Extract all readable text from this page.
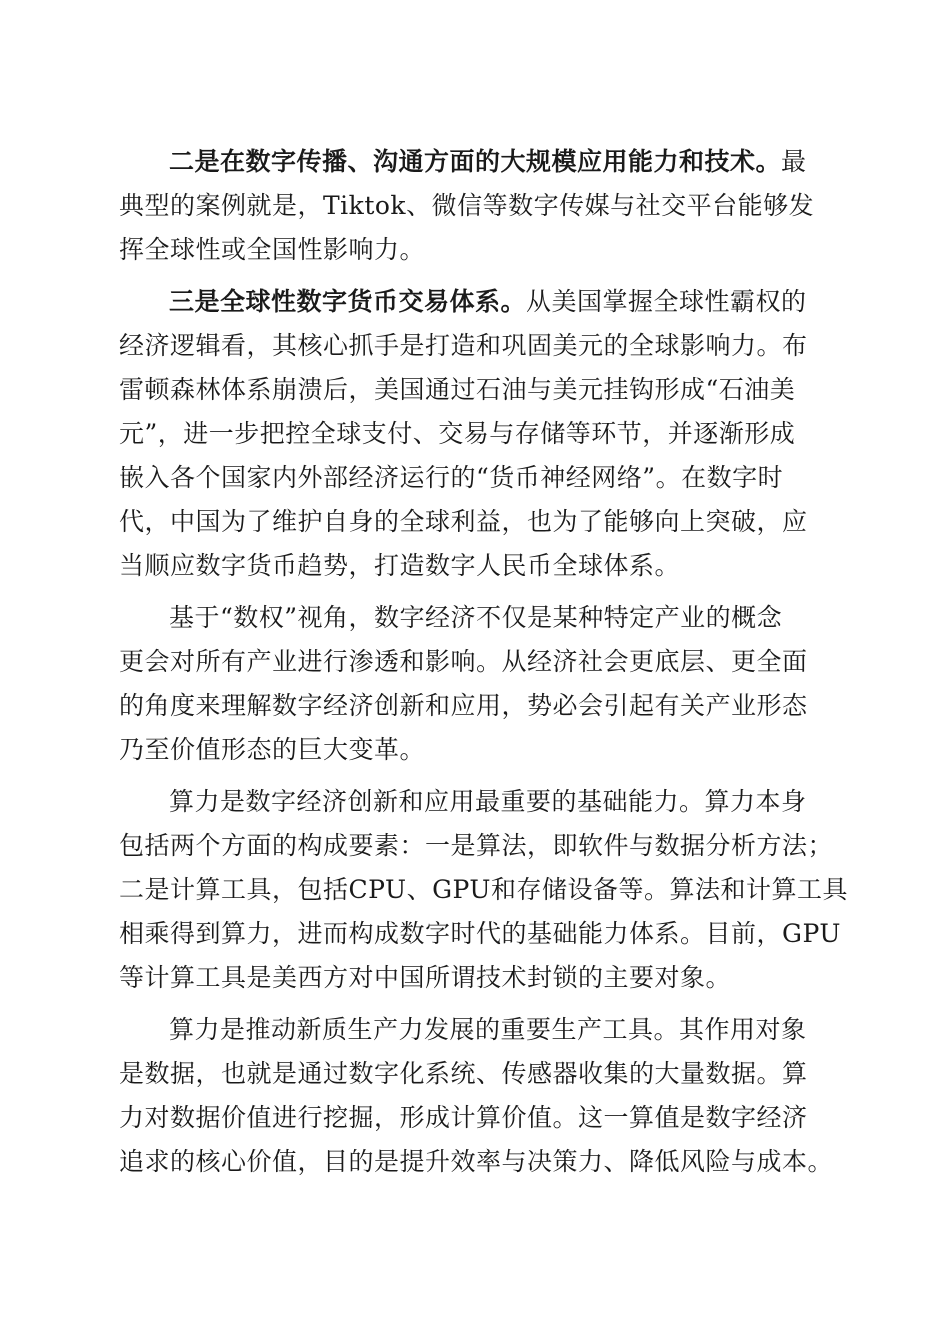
二是在数字传播、沟通方面的大规模应用能力和技术。最
典型的案例就是，Tiktok、微信等数字传媒与社交平台能够发
挥全球性或全国性影响力。
三是全球性数字货币交易体系。从美国掌握全球性霸权的
经济逻辑看，其核心抓手是打造和巩固美元的全球影响力。布
雷顿森林体系崩溃后，美国通过石油与美元挂钩形成“石油美
元”，进一步把控全球支付、交易与存储等环节，并逐渐形成
嵌入各个国家内外部经济运行的“货币神经网络”。在数字时
代，中国为了维护自身的全球利益，也为了能够向上突破，应
当顺应数字货币趋势，打造数字人民币全球体系。
基于“数权”视角，数字经济不仅是某种特定产业的概念
更会对所有产业进行渗透和影响。从经济社会更底层、更全面
的角度来理解数字经济创新和应用，势必会引起有关产业形态
乃至价值形态的巨大变革。
算力是数字经济创新和应用最重要的基础能力。算力本身
包括两个方面的构成要素：一是算法，即软件与数据分析方法；
二是计算工具，包括CPU、GPU和存储设备等。算法和计算工具
相乘得到算力，进而构成数字时代的基础能力体系。目前，GPU
等计算工具是美西方对中国所谓技术封锁的主要对象。
算力是推动新质生产力发展的重要生产工具。其作用对象
是数据，也就是通过数字化系统、传感器收集的大量数据。算
力对数据价值进行挖掘，形成计算价值。这一算值是数字经济
追求的核心价值，目的是提升效率与决策力、降低风险与成本。
